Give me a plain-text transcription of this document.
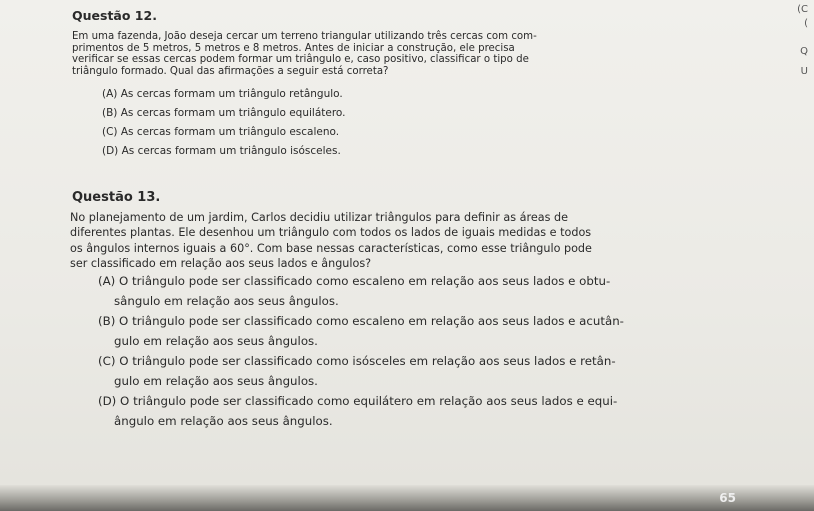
Questão 12.
Em uma fazenda, João deseja cercar um terreno triangular utilizando três cercas com com-
primentos de 5 metros, 5 metros e 8 metros. Antes de iniciar a construção, ele precisa
verificar se essas cercas podem formar um triângulo e, caso positivo, classificar o tipo de
triângulo formado. Qual das afirmações a seguir está correta?
(A) As cercas formam um triângulo retângulo.
(B) As cercas formam um triângulo equilátero.
(C) As cercas formam um triângulo escaleno.
(D) As cercas formam um triângulo isósceles.
Questão 13.
No planejamento de um jardim, Carlos decidiu utilizar triângulos para definir as áreas de
diferentes plantas. Ele desenhou um triângulo com todos os lados de iguais medidas e todos
os ângulos internos iguais a 60°. Com base nessas características, como esse triângulo pode
ser classificado em relação aos seus lados e ângulos?
(A) O triângulo pode ser classificado como escaleno em relação aos seus lados e obtu-
sângulo em relação aos seus ângulos.
(B) O triângulo pode ser classificado como escaleno em relação aos seus lados e acutân-
gulo em relação aos seus ângulos.
(C) O triângulo pode ser classificado como isósceles em relação aos seus lados e retân-
gulo em relação aos seus ângulos.
(D) O triângulo pode ser classificado como equilátero em relação aos seus lados e equi-
ângulo em relação aos seus ângulos.
(C
(
Q
U
65
